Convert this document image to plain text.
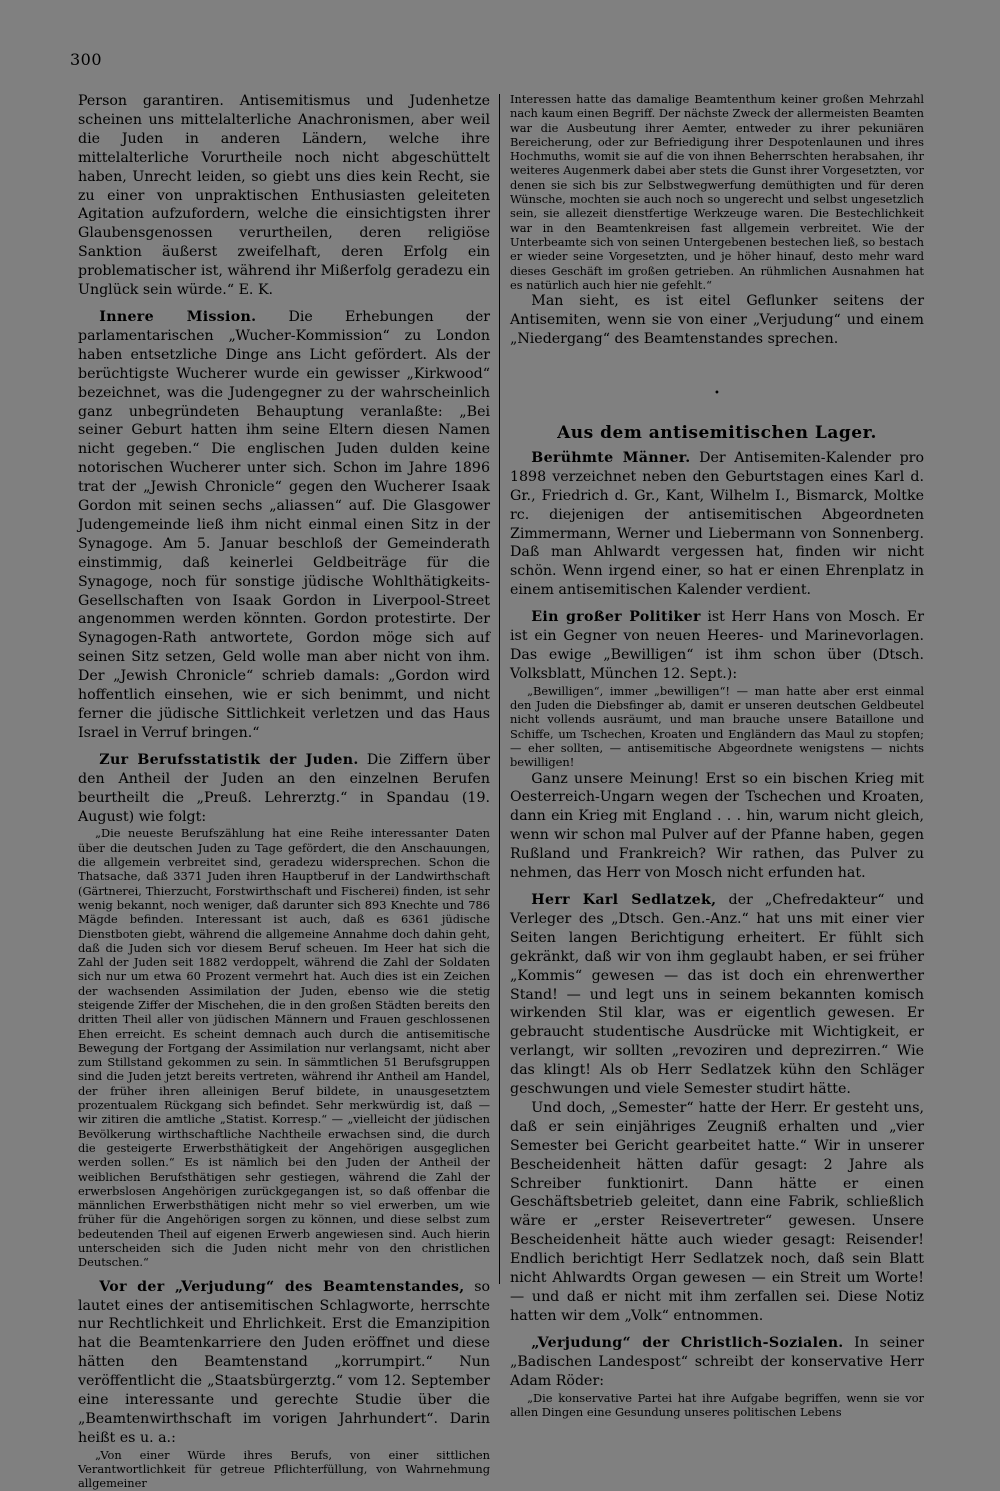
300

Person garantiren. Antisemitismus und Judenhetze scheinen uns mittelalterliche Anachronismen, aber weil die Juden in anderen Ländern, welche ihre mittelalterliche Vorurtheile noch nicht abgeschüttelt haben, Unrecht leiden, so giebt uns dies kein Recht, sie zu einer von unpraktischen Enthusiasten geleiteten Agitation aufzufordern, welche die einsichtigsten ihrer Glaubensgenossen verurtheilen, deren religiöse Sanktion äußerst zweifelhaft, deren Erfolg ein problematischer ist, während ihr Mißerfolg geradezu ein Unglück sein würde.“ E. K.

Innere Mission. Die Erhebungen der parlamentarischen „Wucher-Kommission“ zu London haben entsetzliche Dinge ans Licht gefördert. Als der berüchtigste Wucherer wurde ein gewisser „Kirkwood“ bezeichnet, was die Judengegner zu der wahrscheinlich ganz unbegründeten Behauptung veranlaßte: „Bei seiner Geburt hatten ihm seine Eltern diesen Namen nicht gegeben.“ Die englischen Juden dulden keine notorischen Wucherer unter sich. Schon im Jahre 1896 trat der „Jewish Chronicle“ gegen den Wucherer Isaak Gordon mit seinen sechs „aliassen“ auf. Die Glasgower Judengemeinde ließ ihm nicht einmal einen Sitz in der Synagoge. Am 5. Januar beschloß der Gemeinderath einstimmig, daß keinerlei Geldbeiträge für die Synagoge, noch für sonstige jüdische Wohlthätigkeits-Gesellschaften von Isaak Gordon in Liverpool-Street angenommen werden könnten. Gordon protestirte. Der Synagogen-Rath antwortete, Gordon möge sich auf seinen Sitz setzen, Geld wolle man aber nicht von ihm. Der „Jewish Chronicle“ schrieb damals: „Gordon wird hoffentlich einsehen, wie er sich benimmt, und nicht ferner die jüdische Sittlichkeit verletzen und das Haus Israel in Verruf bringen.“

Zur Berufsstatistik der Juden. Die Ziffern über den Antheil der Juden an den einzelnen Berufen beurtheilt die „Preuß. Lehrerztg.“ in Spandau (19. August) wie folgt:

„Die neueste Berufszählung hat eine Reihe interessanter Daten über die deutschen Juden zu Tage gefördert, die den Anschauungen, die allgemein verbreitet sind, geradezu widersprechen. Schon die Thatsache, daß 3371 Juden ihren Hauptberuf in der Landwirthschaft (Gärtnerei, Thierzucht, Forstwirthschaft und Fischerei) finden, ist sehr wenig bekannt, noch weniger, daß darunter sich 893 Knechte und 786 Mägde befinden. Interessant ist auch, daß es 6361 jüdische Dienstboten giebt, während die allgemeine Annahme doch dahin geht, daß die Juden sich vor diesem Beruf scheuen. Im Heer hat sich die Zahl der Juden seit 1882 verdoppelt, während die Zahl der Soldaten sich nur um etwa 60 Prozent vermehrt hat. Auch dies ist ein Zeichen der wachsenden Assimilation der Juden, ebenso wie die stetig steigende Ziffer der Mischehen, die in den großen Städten bereits den dritten Theil aller von jüdischen Männern und Frauen geschlossenen Ehen erreicht. Es scheint demnach auch durch die antisemitische Bewegung der Fortgang der Assimilation nur verlangsamt, nicht aber zum Stillstand gekommen zu sein. In sämmtlichen 51 Berufsgruppen sind die Juden jetzt bereits vertreten, während ihr Antheil am Handel, der früher ihren alleinigen Beruf bildete, in unausgesetztem prozentualem Rückgang sich befindet. Sehr merkwürdig ist, daß — wir zitiren die amtliche „Statist. Korresp.“ — „vielleicht der jüdischen Bevölkerung wirthschaftliche Nachtheile erwachsen sind, die durch die gesteigerte Erwerbsthätigkeit der Angehörigen ausgeglichen werden sollen.“ Es ist nämlich bei den Juden der Antheil der weiblichen Berufsthätigen sehr gestiegen, während die Zahl der erwerbslosen Angehörigen zurückgegangen ist, so daß offenbar die männlichen Erwerbsthätigen nicht mehr so viel erwerben, um wie früher für die Angehörigen sorgen zu können, und diese selbst zum bedeutenden Theil auf eigenen Erwerb angewiesen sind. Auch hierin unterscheiden sich die Juden nicht mehr von den christlichen Deutschen.“

Vor der „Verjudung“ des Beamtenstandes, so lautet eines der antisemitischen Schlagworte, herrschte nur Rechtlichkeit und Ehrlichkeit. Erst die Emanzipition hat die Beamtenkarriere den Juden eröffnet und diese hätten den Beamtenstand „korrumpirt.“ Nun veröffentlicht die „Staatsbürgerztg.“ vom 12. September eine interessante und gerechte Studie über die „Beamtenwirthschaft im vorigen Jahrhundert“. Darin heißt es u. a.:

„Von einer Würde ihres Berufs, von einer sittlichen Verantwortlichkeit für getreue Pflichterfüllung, von Wahrnehmung allgemeiner

Interessen hatte das damalige Beamtenthum keiner großen Mehrzahl nach kaum einen Begriff. Der nächste Zweck der allermeisten Beamten war die Ausbeutung ihrer Aemter, entweder zu ihrer pekuniären Bereicherung, oder zur Befriedigung ihrer Despotenlaunen und ihres Hochmuths, womit sie auf die von ihnen Beherrschten herabsahen, ihr weiteres Augenmerk dabei aber stets die Gunst ihrer Vorgesetzten, vor denen sie sich bis zur Selbstwegwerfung demüthigten und für deren Wünsche, mochten sie auch noch so ungerecht und selbst ungesetzlich sein, sie allezeit dienstfertige Werkzeuge waren. Die Bestechlichkeit war in den Beamtenkreisen fast allgemein verbreitet. Wie der Unterbeamte sich von seinen Untergebenen bestechen ließ, so bestach er wieder seine Vorgesetzten, und je höher hinauf, desto mehr ward dieses Geschäft im großen getrieben. An rühmlichen Ausnahmen hat es natürlich auch hier nie gefehlt.“

Man sieht, es ist eitel Geflunker seitens der Antisemiten, wenn sie von einer „Verjudung“ und einem „Niedergang“ des Beamtenstandes sprechen.

•
Aus dem antisemitischen Lager.

Berühmte Männer. Der Antisemiten-Kalender pro 1898 verzeichnet neben den Geburtstagen eines Karl d. Gr., Friedrich d. Gr., Kant, Wilhelm I., Bismarck, Moltke rc. diejenigen der antisemitischen Abgeordneten Zimmermann, Werner und Liebermann von Sonnenberg. Daß man Ahlwardt vergessen hat, finden wir nicht schön. Wenn irgend einer, so hat er einen Ehrenplatz in einem antisemitischen Kalender verdient.

Ein großer Politiker ist Herr Hans von Mosch. Er ist ein Gegner von neuen Heeres- und Marinevorlagen. Das ewige „Bewilligen“ ist ihm schon über (Dtsch. Volksblatt, München 12. Sept.):

„Bewilligen“, immer „bewilligen“! — man hatte aber erst einmal den Juden die Diebsfinger ab, damit er unseren deutschen Geldbeutel nicht vollends ausräumt, und man brauche unsere Bataillone und Schiffe, um Tschechen, Kroaten und Engländern das Maul zu stopfen; — eher sollten, — antisemitische Abgeordnete wenigstens — nichts bewilligen!

Ganz unsere Meinung! Erst so ein bischen Krieg mit Oesterreich-Ungarn wegen der Tschechen und Kroaten, dann ein Krieg mit England . . . hin, warum nicht gleich, wenn wir schon mal Pulver auf der Pfanne haben, gegen Rußland und Frankreich? Wir rathen, das Pulver zu nehmen, das Herr von Mosch nicht erfunden hat.

Herr Karl Sedlatzek, der „Chefredakteur“ und Verleger des „Dtsch. Gen.-Anz.“ hat uns mit einer vier Seiten langen Berichtigung erheitert. Er fühlt sich gekränkt, daß wir von ihm geglaubt haben, er sei früher „Kommis“ gewesen — das ist doch ein ehrenwerther Stand! — und legt uns in seinem bekannten komisch wirkenden Stil klar, was er eigentlich gewesen. Er gebraucht studentische Ausdrücke mit Wichtigkeit, er verlangt, wir sollten „revoziren und deprezirren.“ Wie das klingt! Als ob Herr Sedlatzek kühn den Schläger geschwungen und viele Semester studirt hätte.

Und doch, „Semester“ hatte der Herr. Er gesteht uns, daß er sein einjähriges Zeugniß erhalten und „vier Semester bei Gericht gearbeitet hatte.“ Wir in unserer Bescheidenheit hätten dafür gesagt: 2 Jahre als Schreiber funktionirt. Dann hätte er einen Geschäftsbetrieb geleitet, dann eine Fabrik, schließlich wäre er „erster Reisevertreter“ gewesen. Unsere Bescheidenheit hätte auch wieder gesagt: Reisender! Endlich berichtigt Herr Sedlatzek noch, daß sein Blatt nicht Ahlwardts Organ gewesen — ein Streit um Worte! — und daß er nicht mit ihm zerfallen sei. Diese Notiz hatten wir dem „Volk“ entnommen.

„Verjudung“ der Christlich-Sozialen. In seiner „Badischen Landespost“ schreibt der konservative Herr Adam Röder:

„Die konservative Partei hat ihre Aufgabe begriffen, wenn sie vor allen Dingen eine Gesundung unseres politischen Lebens
